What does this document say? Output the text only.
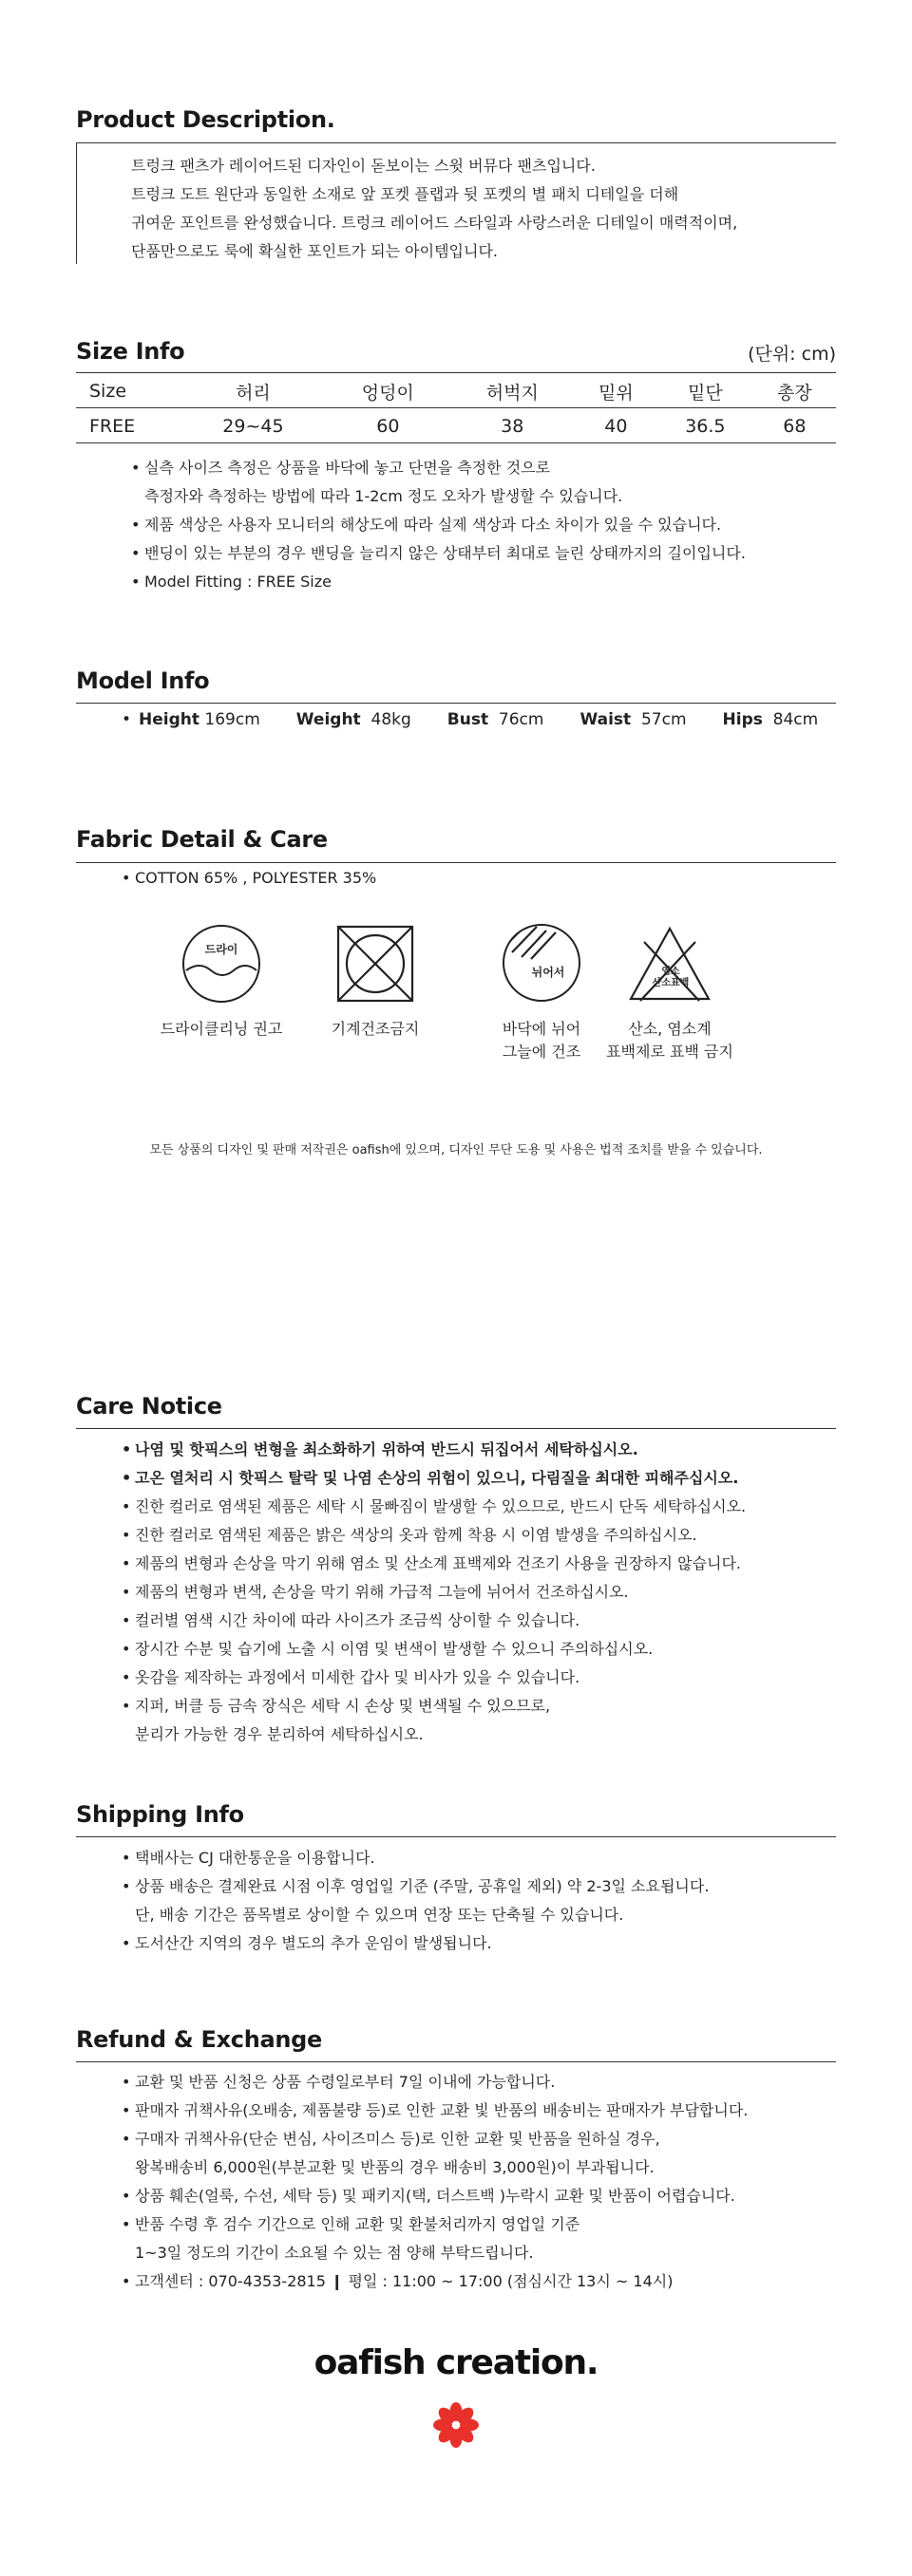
Product Description.
트렁크 팬츠가 레이어드된 디자인이 돋보이는 스윗 버뮤다 팬츠입니다.
트렁크 도트 원단과 동일한 소재로 앞 포켓 플랩과 뒷 포켓의 별 패치 디테일을 더해
귀여운 포인트를 완성했습니다. 트렁크 레이어드 스타일과 사랑스러운 디테일이 매력적이며,
단품만으로도 룩에 확실한 포인트가 되는 아이템입니다.
Size Info	(단위: cm)
Size	허리	엉덩이	허벅지	밑위	밑단	총장
FREE	29~45	60	38	40	36.5	68
• 실측 사이즈 측정은 상품을 바닥에 놓고 단면을 측정한 것으로
측정자와 측정하는 방법에 따라 1-2cm 정도 오차가 발생할 수 있습니다.
• 제품 색상은 사용자 모니터의 해상도에 따라 실제 색상과 다소 차이가 있을 수 있습니다.
• 밴딩이 있는 부분의 경우 밴딩을 늘리지 않은 상태부터 최대로 늘린 상태까지의 길이입니다.
• Model Fitting : FREE Size
Model Info
• Height 169cm Weight 48kg Bust 76cm Waist 57cm Hips 84cm
Fabric Detail & Care
• COTTON 65% , POLYESTER 35%
드라이
드라이클리닝 권고	기계건조금지
뉘어서
바닥에 뉘어
그늘에 건조
염소
산소표백
산소, 염소계
표백제로 표백 금지
모든 상품의 디자인 및 판매 저작권은 oafish에 있으며, 디자인 무단 도용 및 사용은 법적 조치를 받을 수 있습니다.
Care Notice
• 나염 및 핫픽스의 변형을 최소화하기 위하여 반드시 뒤집어서 세탁하십시오.
• 고온 열처리 시 핫픽스 탈락 및 나염 손상의 위험이 있으니, 다림질을 최대한 피해주십시오.
• 진한 컬러로 염색된 제품은 세탁 시 물빠짐이 발생할 수 있으므로, 반드시 단독 세탁하십시오.
• 진한 컬러로 염색된 제품은 밝은 색상의 옷과 함께 착용 시 이염 발생을 주의하십시오.
• 제품의 변형과 손상을 막기 위해 염소 및 산소계 표백제와 건조기 사용을 권장하지 않습니다.
• 제품의 변형과 변색, 손상을 막기 위해 가급적 그늘에 뉘어서 건조하십시오.
• 컬러별 염색 시간 차이에 따라 사이즈가 조금씩 상이할 수 있습니다.
• 장시간 수분 및 습기에 노출 시 이염 및 변색이 발생할 수 있으니 주의하십시오.
• 옷감을 제작하는 과정에서 미세한 갑사 및 비사가 있을 수 있습니다.
• 지퍼, 버클 등 금속 장식은 세탁 시 손상 및 변색될 수 있으므로,
분리가 가능한 경우 분리하여 세탁하십시오.
Shipping Info
• 택배사는 CJ 대한통운을 이용합니다.
• 상품 배송은 결제완료 시점 이후 영업일 기준 (주말, 공휴일 제외) 약 2-3일 소요됩니다.
단, 배송 기간은 품목별로 상이할 수 있으며 연장 또는 단축될 수 있습니다.
• 도서산간 지역의 경우 별도의 추가 운임이 발생됩니다.
Refund & Exchange
• 교환 및 반품 신청은 상품 수령일로부터 7일 이내에 가능합니다.
• 판매자 귀책사유(오배송, 제품불량 등)로 인한 교환 빛 반품의 배송비는 판매자가 부담합니다.
• 구매자 귀책사유(단순 변심, 사이즈미스 등)로 인한 교환 및 반품을 원하실 경우,
왕복배송비 6,000원(부분교환 및 반품의 경우 배송비 3,000원)이 부과됩니다.
• 상품 훼손(얼룩, 수선, 세탁 등) 및 패키지(택, 더스트백 )누락시 교환 및 반품이 어렵습니다.
• 반품 수령 후 검수 기간으로 인해 교환 및 환불처리까지 영업일 기준
1~3일 정도의 기간이 소요될 수 있는 점 양해 부탁드립니다.
• 고객센터 : 070-4353-2815 ❙ 평일 : 11:00 ~ 17:00 (점심시간 13시 ~ 14시)
oafish creation.
